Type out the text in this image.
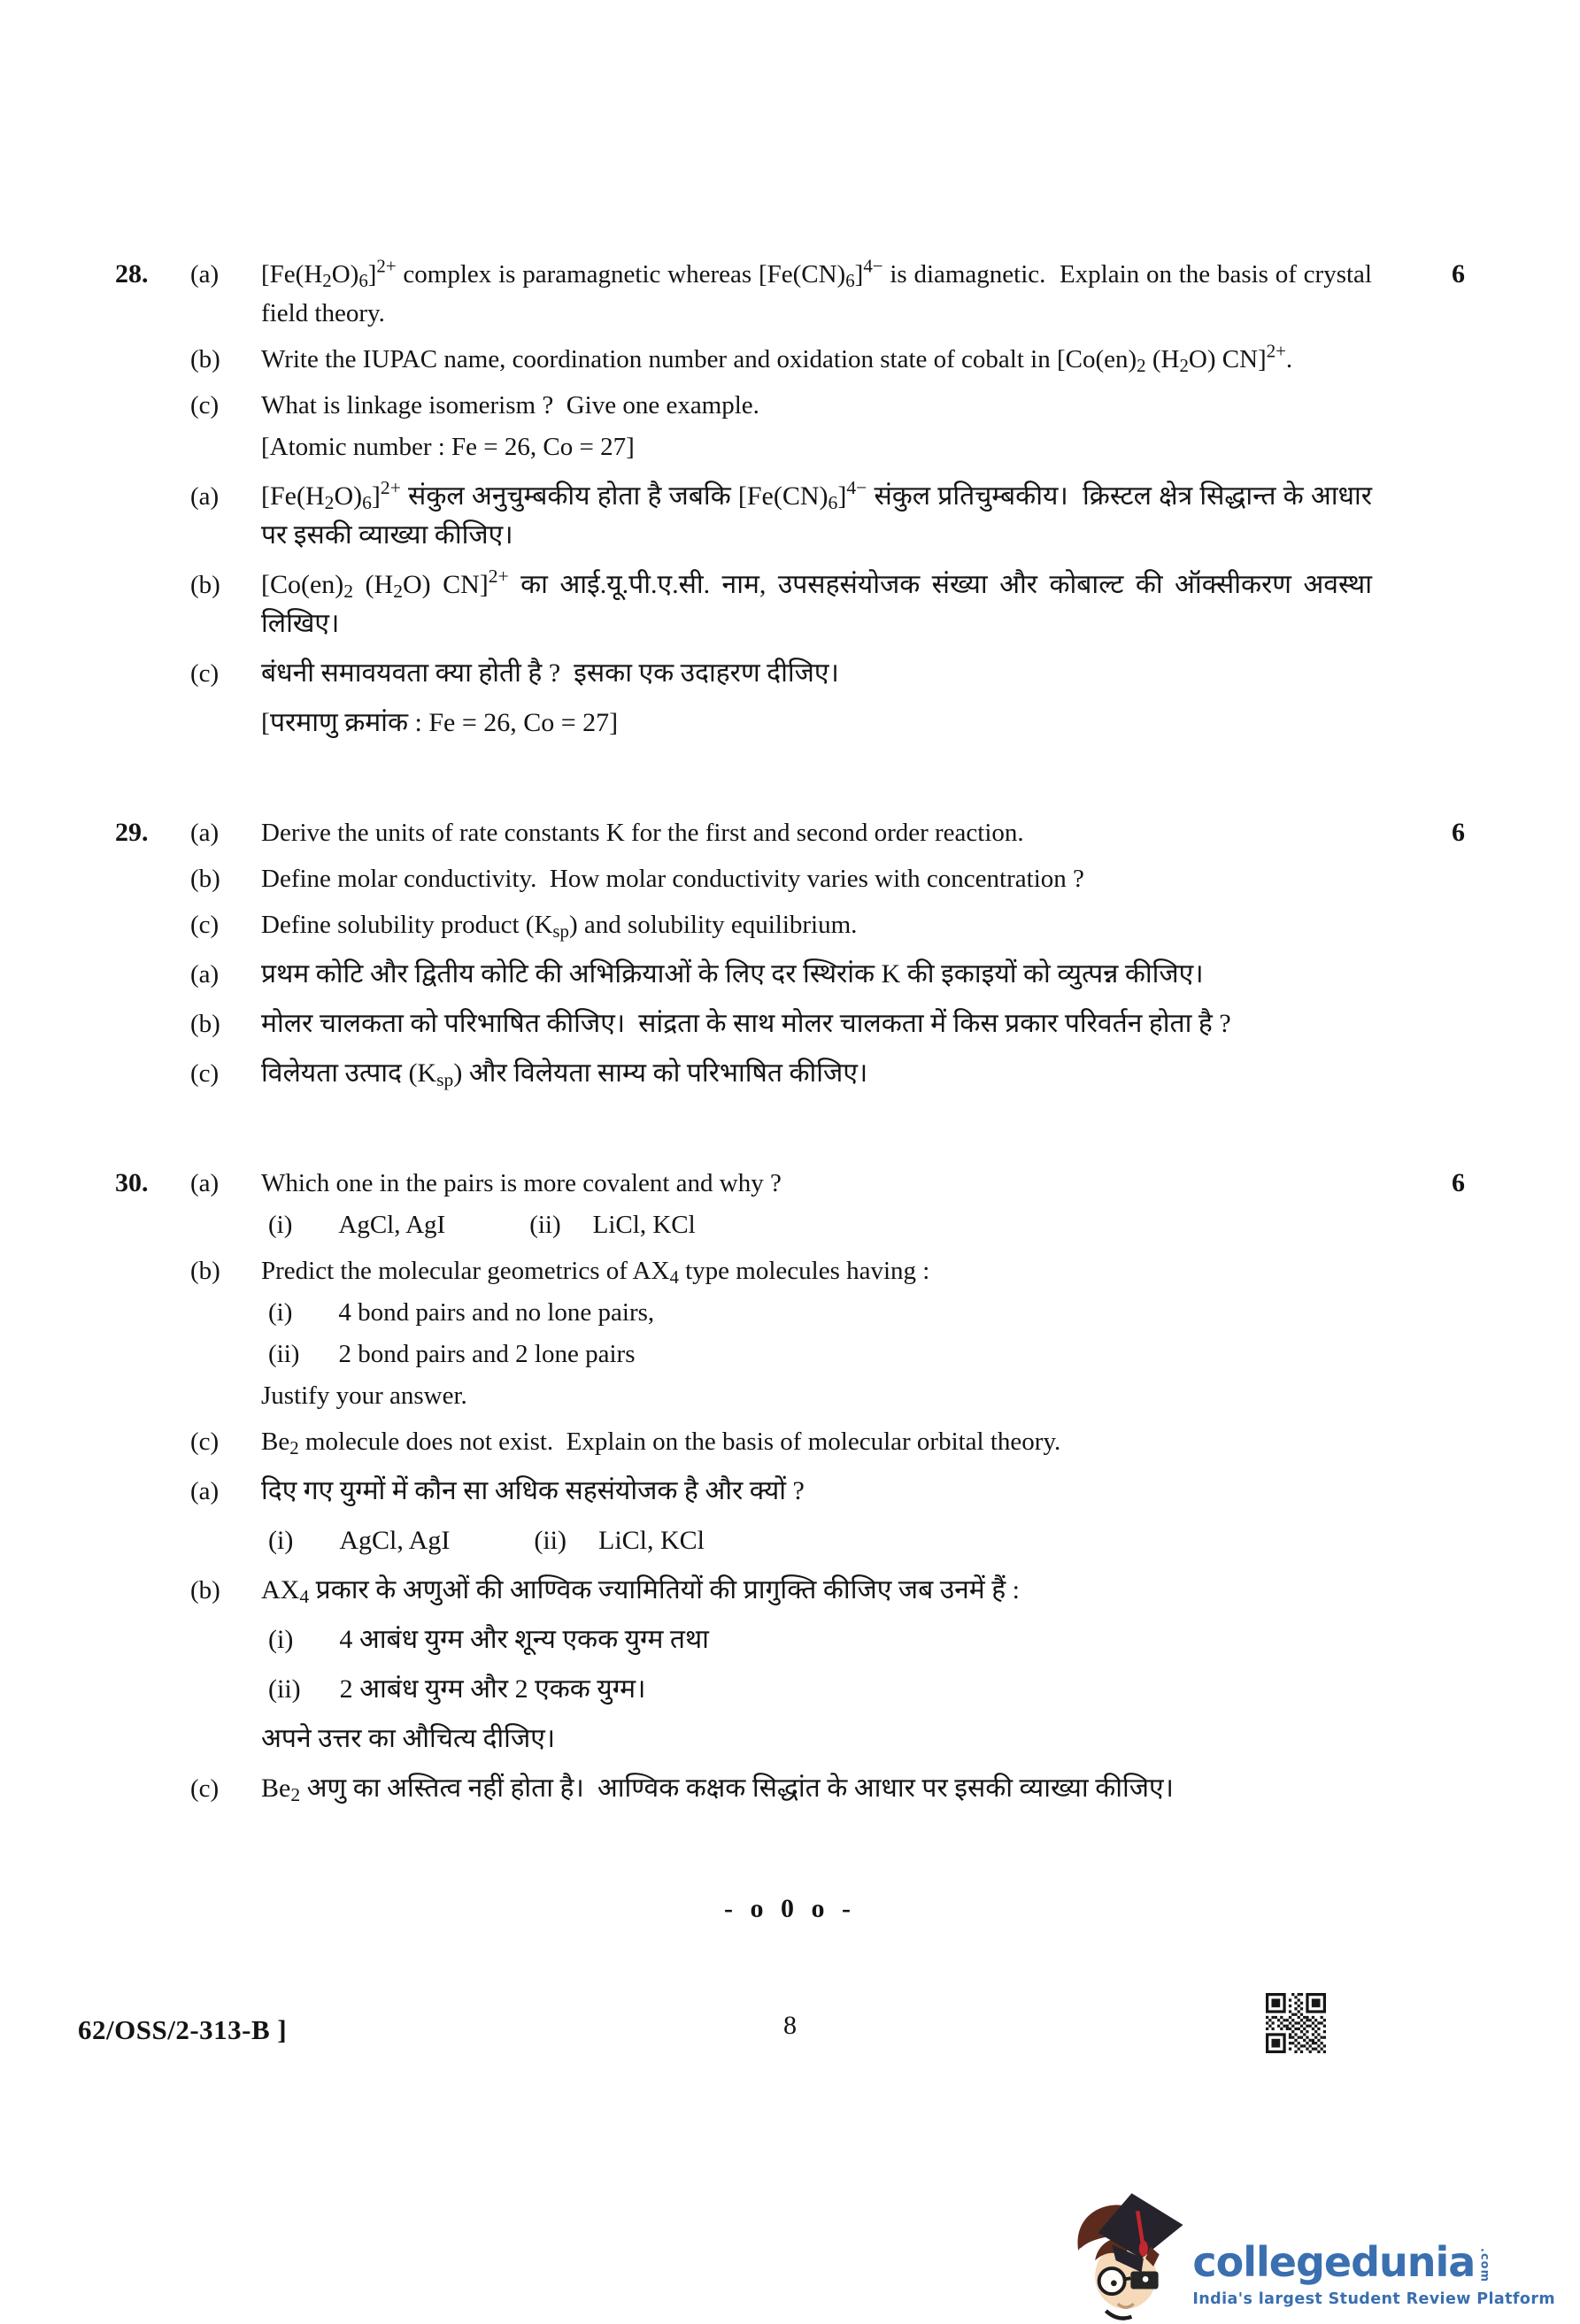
28.	(a)	$[Fe(H_2O)_6]^{2+}$ complex is paramagnetic whereas $[Fe(CN)_6]^{4-}$ is diamagnetic.  Explain on the basis of crystal field theory.
6
(b)	Write the IUPAC name, coordination number and oxidation state of cobalt in [$Co(en)_2$ $(H_2O)$ CN]$^{2+}$.
(c)	What is linkage isomerism ?  Give one example.
[Atomic number : Fe = 26, Co = 27]
(a)	$[Fe(H_2O)_6]^{2+}$ संकुल अनुचुम्बकीय होता है जबकि $[Fe(CN)_6]^{4-}$ संकुल प्रतिचुम्बकीय।  क्रिस्टल क्षेत्र सिद्धान्त के आधार पर इसकी व्याख्या कीजिए।
(b)	[$Co(en)_2$ $(H_2O)$ CN]$^{2+}$ का आई.यू.पी.ए.सी. नाम, उपसहसंयोजक संख्या और कोबाल्ट की ऑक्सीकरण अवस्था लिखिए।
(c)	बंधनी समावयवता क्या होती है ?  इसका एक उदाहरण दीजिए।
[परमाणु क्रमांक : Fe = 26, Co = 27]
29.	(a)	Derive the units of rate constants K for the first and second order reaction.	6
(b)	Define molar conductivity.  How molar conductivity varies with concentration ?
(c)	Define solubility product $(K_{sp})$ and solubility equilibrium.
(a)	प्रथम कोटि और द्वितीय कोटि की अभिक्रियाओं के लिए दर स्थिरांक K की इकाइयों को व्युत्पन्न कीजिए।
(b)	मोलर चालकता को परिभाषित कीजिए।  सांद्रता के साथ मोलर चालकता में किस प्रकार परिवर्तन होता है ?
(c)	विलेयता उत्पाद $(K_{sp})$ और विलेयता साम्य को परिभाषित कीजिए।
30.	(a)	Which one in the pairs is more covalent and why ?	6
(i) AgCl, AgI	(ii) LiCl, KCl
(b)	Predict the molecular geometrics of $AX_4$ type molecules having :
(i) 4 bond pairs and no lone pairs,
(ii) 2 bond pairs and 2 lone pairs
Justify your answer.
(c)	$Be_2$ molecule does not exist.  Explain on the basis of molecular orbital theory.
(a)	दिए गए युग्मों में कौन सा अधिक सहसंयोजक है और क्यों ?
(i) AgCl, AgI	(ii) LiCl, KCl
(b)	$AX_4$ प्रकार के अणुओं की आण्विक ज्यामितियों की प्रागुक्ति कीजिए जब उनमें हैं :
(i) 4 आबंध युग्म और शून्य एकक युग्म तथा
(ii) 2 आबंध युग्म और 2 एकक युग्म।
अपने उत्तर का औचित्य दीजिए।
(c)	$Be_2$ अणु का अस्तित्व नहीं होता है।  आण्विक कक्षक सिद्धांत के आधार पर इसकी व्याख्या कीजिए।
- o 0 o -
62/OSS/2-313-B ]	8
collegedunia .com
India's largest Student Review Platform
